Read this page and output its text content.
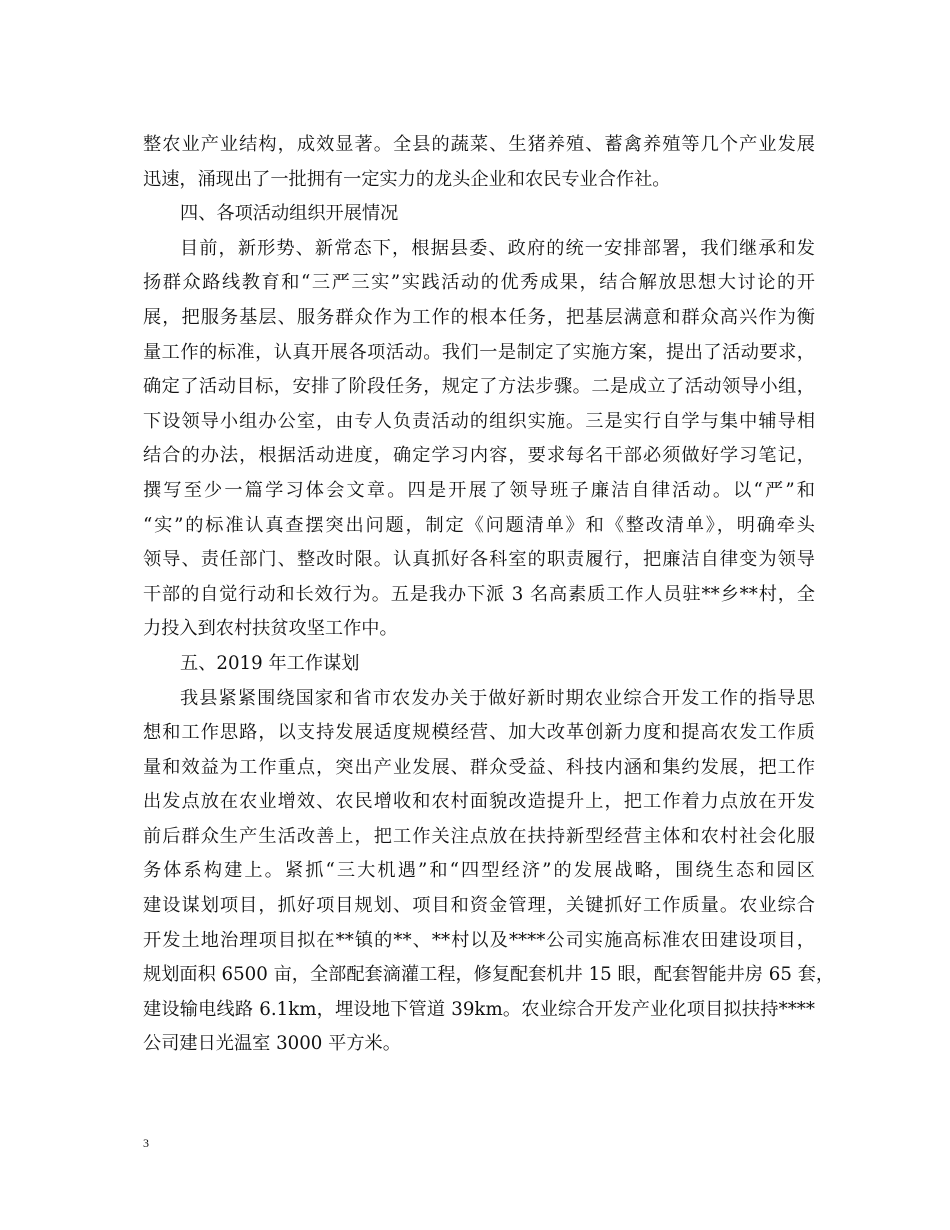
整农业产业结构，成效显著。全县的蔬菜、生猪养殖、蓄禽养殖等几个产业发展
迅速，涌现出了一批拥有一定实力的龙头企业和农民专业合作社。
四、各项活动组织开展情况
目前，新形势、新常态下，根据县委、政府的统一安排部署，我们继承和发
扬群众路线教育和“三严三实”实践活动的优秀成果，结合解放思想大讨论的开
展，把服务基层、服务群众作为工作的根本任务，把基层满意和群众高兴作为衡
量工作的标准，认真开展各项活动。我们一是制定了实施方案，提出了活动要求，
确定了活动目标，安排了阶段任务，规定了方法步骤。二是成立了活动领导小组，
下设领导小组办公室，由专人负责活动的组织实施。三是实行自学与集中辅导相
结合的办法，根据活动进度，确定学习内容，要求每名干部必须做好学习笔记，
撰写至少一篇学习体会文章。四是开展了领导班子廉洁自律活动。以“严”和
“实”的标准认真查摆突出问题，制定《问题清单》和《整改清单》，明确牵头
领导、责任部门、整改时限。认真抓好各科室的职责履行，把廉洁自律变为领导
干部的自觉行动和长效行为。五是我办下派 3 名高素质工作人员驻**乡**村，全
力投入到农村扶贫攻坚工作中。
五、2019 年工作谋划
我县紧紧围绕国家和省市农发办关于做好新时期农业综合开发工作的指导思
想和工作思路，以支持发展适度规模经营、加大改革创新力度和提高农发工作质
量和效益为工作重点，突出产业发展、群众受益、科技内涵和集约发展，把工作
出发点放在农业增效、农民增收和农村面貌改造提升上，把工作着力点放在开发
前后群众生产生活改善上，把工作关注点放在扶持新型经营主体和农村社会化服
务体系构建上。紧抓“三大机遇”和“四型经济”的发展战略，围绕生态和园区
建设谋划项目，抓好项目规划、项目和资金管理，关键抓好工作质量。农业综合
开发土地治理项目拟在**镇的**、**村以及****公司实施高标准农田建设项目，
规划面积 6500 亩，全部配套滴灌工程，修复配套机井 15 眼，配套智能井房 65 套，
建设输电线路 6.1km，埋设地下管道 39km。农业综合开发产业化项目拟扶持****
公司建日光温室 3000 平方米。
3
